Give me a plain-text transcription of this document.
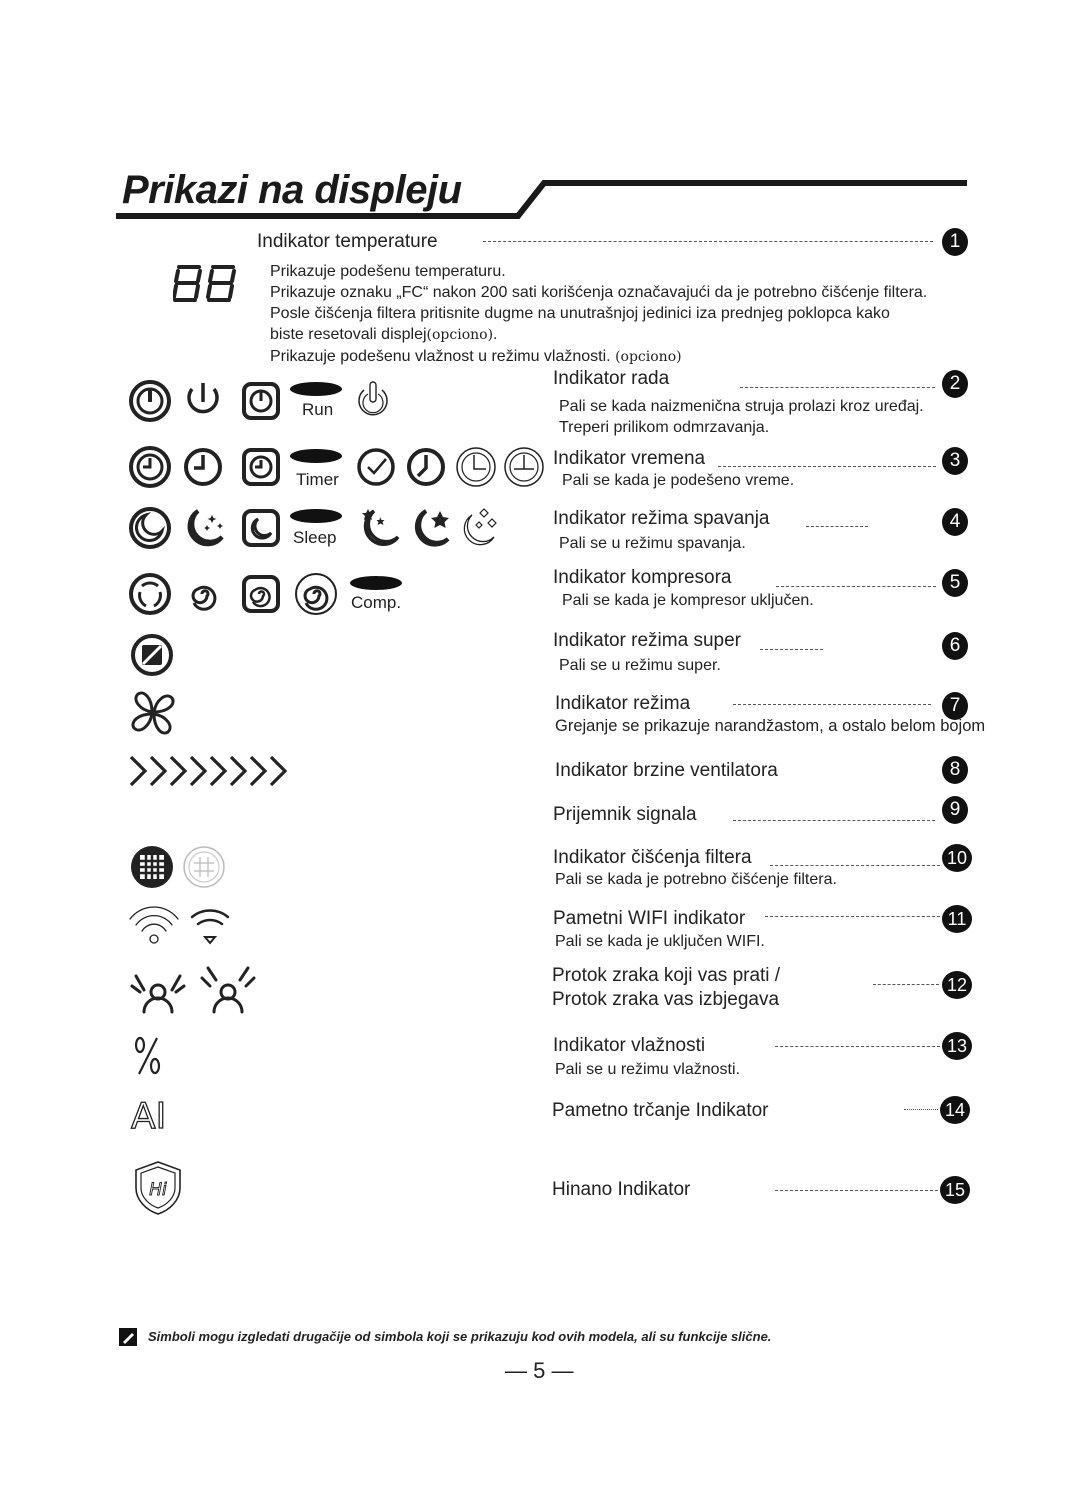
Prikazi na displeju
Indikator temperature	1
Prikazuje podešenu temperaturu.
Prikazuje oznaku „FC“ nakon 200 sati korišćenja označavajući da je potrebno čišćenje filtera.
Posle čišćenja filtera pritisnite dugme na unutrašnjoj jedinici iza prednjeg poklopca kako
biste resetovali displej(opciono).
Prikazuje podešenu vlažnost u režimu vlažnosti. (opciono)
Run
Indikator rada	2
Pali se kada naizmenična struja prolazi kroz uređaj.
Treperi prilikom odmrzavanja.
Timer
Indikator vremena	3
Pali se kada je podešeno vreme.
Sleep
Indikator režima spavanja	4
Pali se u režimu spavanja.
Comp.
Indikator kompresora	5
Pali se kada je kompresor uključen.
Indikator režima super	6
Pali se u režimu super.
Indikator režima	7
Grejanje se prikazuje narandžastom, a ostalo belom bojom
Indikator brzine ventilatora	8
Prijemnik signala	9
Indikator čišćenja filtera	10
Pali se kada je potrebno čišćenje filtera.
Pametni WIFI indikator	11
Pali se kada je uključen WIFI.
Protok zraka koji vas prati /
Protok zraka vas izbjegava
12
Indikator vlažnosti	13
Pali se u režimu vlažnosti.
AI	Pametno trčanje Indikator	14
Hi	Hinano Indikator	15
Simboli mogu izgledati drugačije od simbola koji se prikazuju kod ovih modela, ali su funkcije slične.
— 5 —
